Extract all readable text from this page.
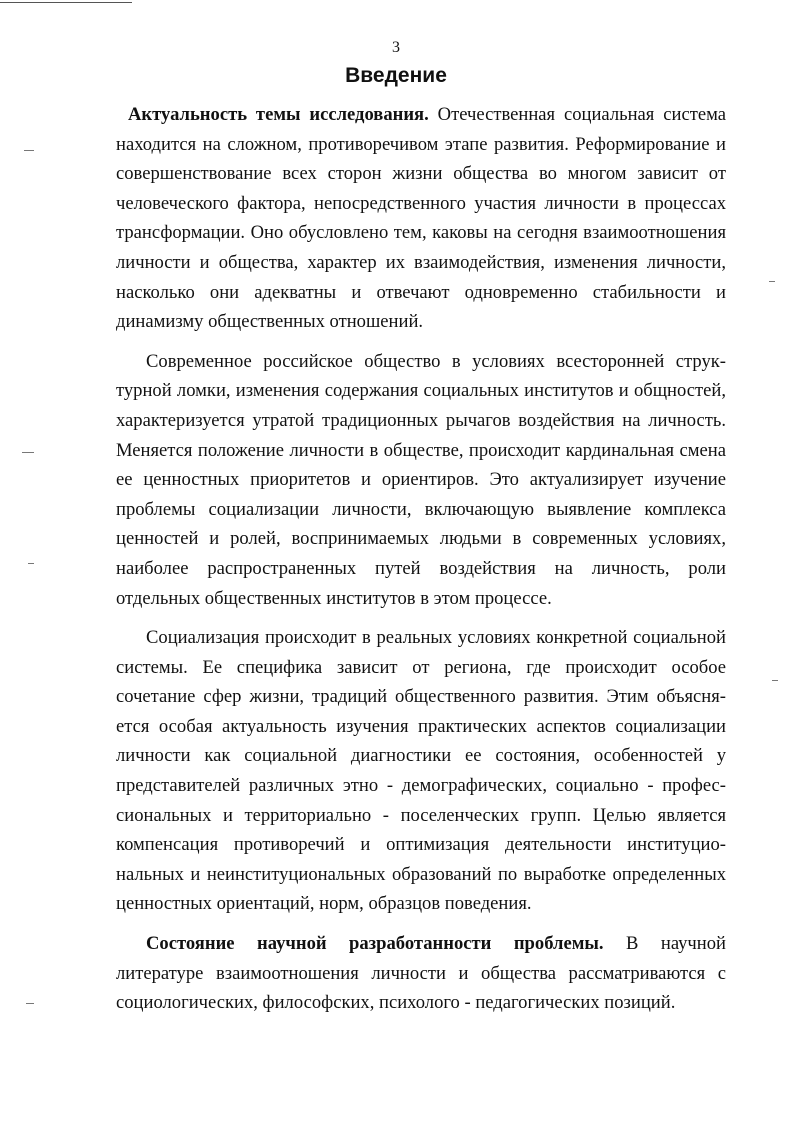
3
Введение

Актуальность темы исследования. Отечественная социальная система находится на сложном, противоречивом этапе развития. Реформирование и совершенствование всех сторон жизни общества во многом зависит от человеческого фактора, непосредственного участия личности в процессах трансформации. Оно обусловлено тем, каковы на сегодня взаимоотношения личности и общества, характер их взаимодействия, изменения личности, насколько они адекватны и отвечают одновременно стабильности и динамизму общественных отношений.

Современное российское общество в условиях всесторонней структурной ломки, изменения содержания социальных институтов и общностей, характеризуется утратой традиционных рычагов воздействия на личность. Меняется положение личности в обществе, происходит кардинальная смена ее ценностных приоритетов и ориентиров. Это актуализирует изучение проблемы социализации личности, включающую выявление комплекса ценностей и ролей, воспринимаемых людьми в современных условиях, наиболее распространенных путей воздействия на личность, роли отдельных общественных институтов в этом процессе.

Социализация происходит в реальных условиях конкретной социальной системы. Ее специфика зависит от региона, где происходит особое сочетание сфер жизни, традиций общественного развития. Этим объясняется особая актуальность изучения практических аспектов социализации личности как социальной диагностики ее состояния, особенностей у представителей различных этно - демографических, социально - профессиональных и территориально - поселенческих групп. Целью является компенсация противоречий и оптимизация деятельности институциональных и неинституциональных образований по выработке определенных ценностных ориентаций, норм, образцов поведения.

Состояние научной разработанности проблемы. В научной литературе взаимоотношения личности и общества рассматриваются с социологических, философских, психолого - педагогических позиций.
